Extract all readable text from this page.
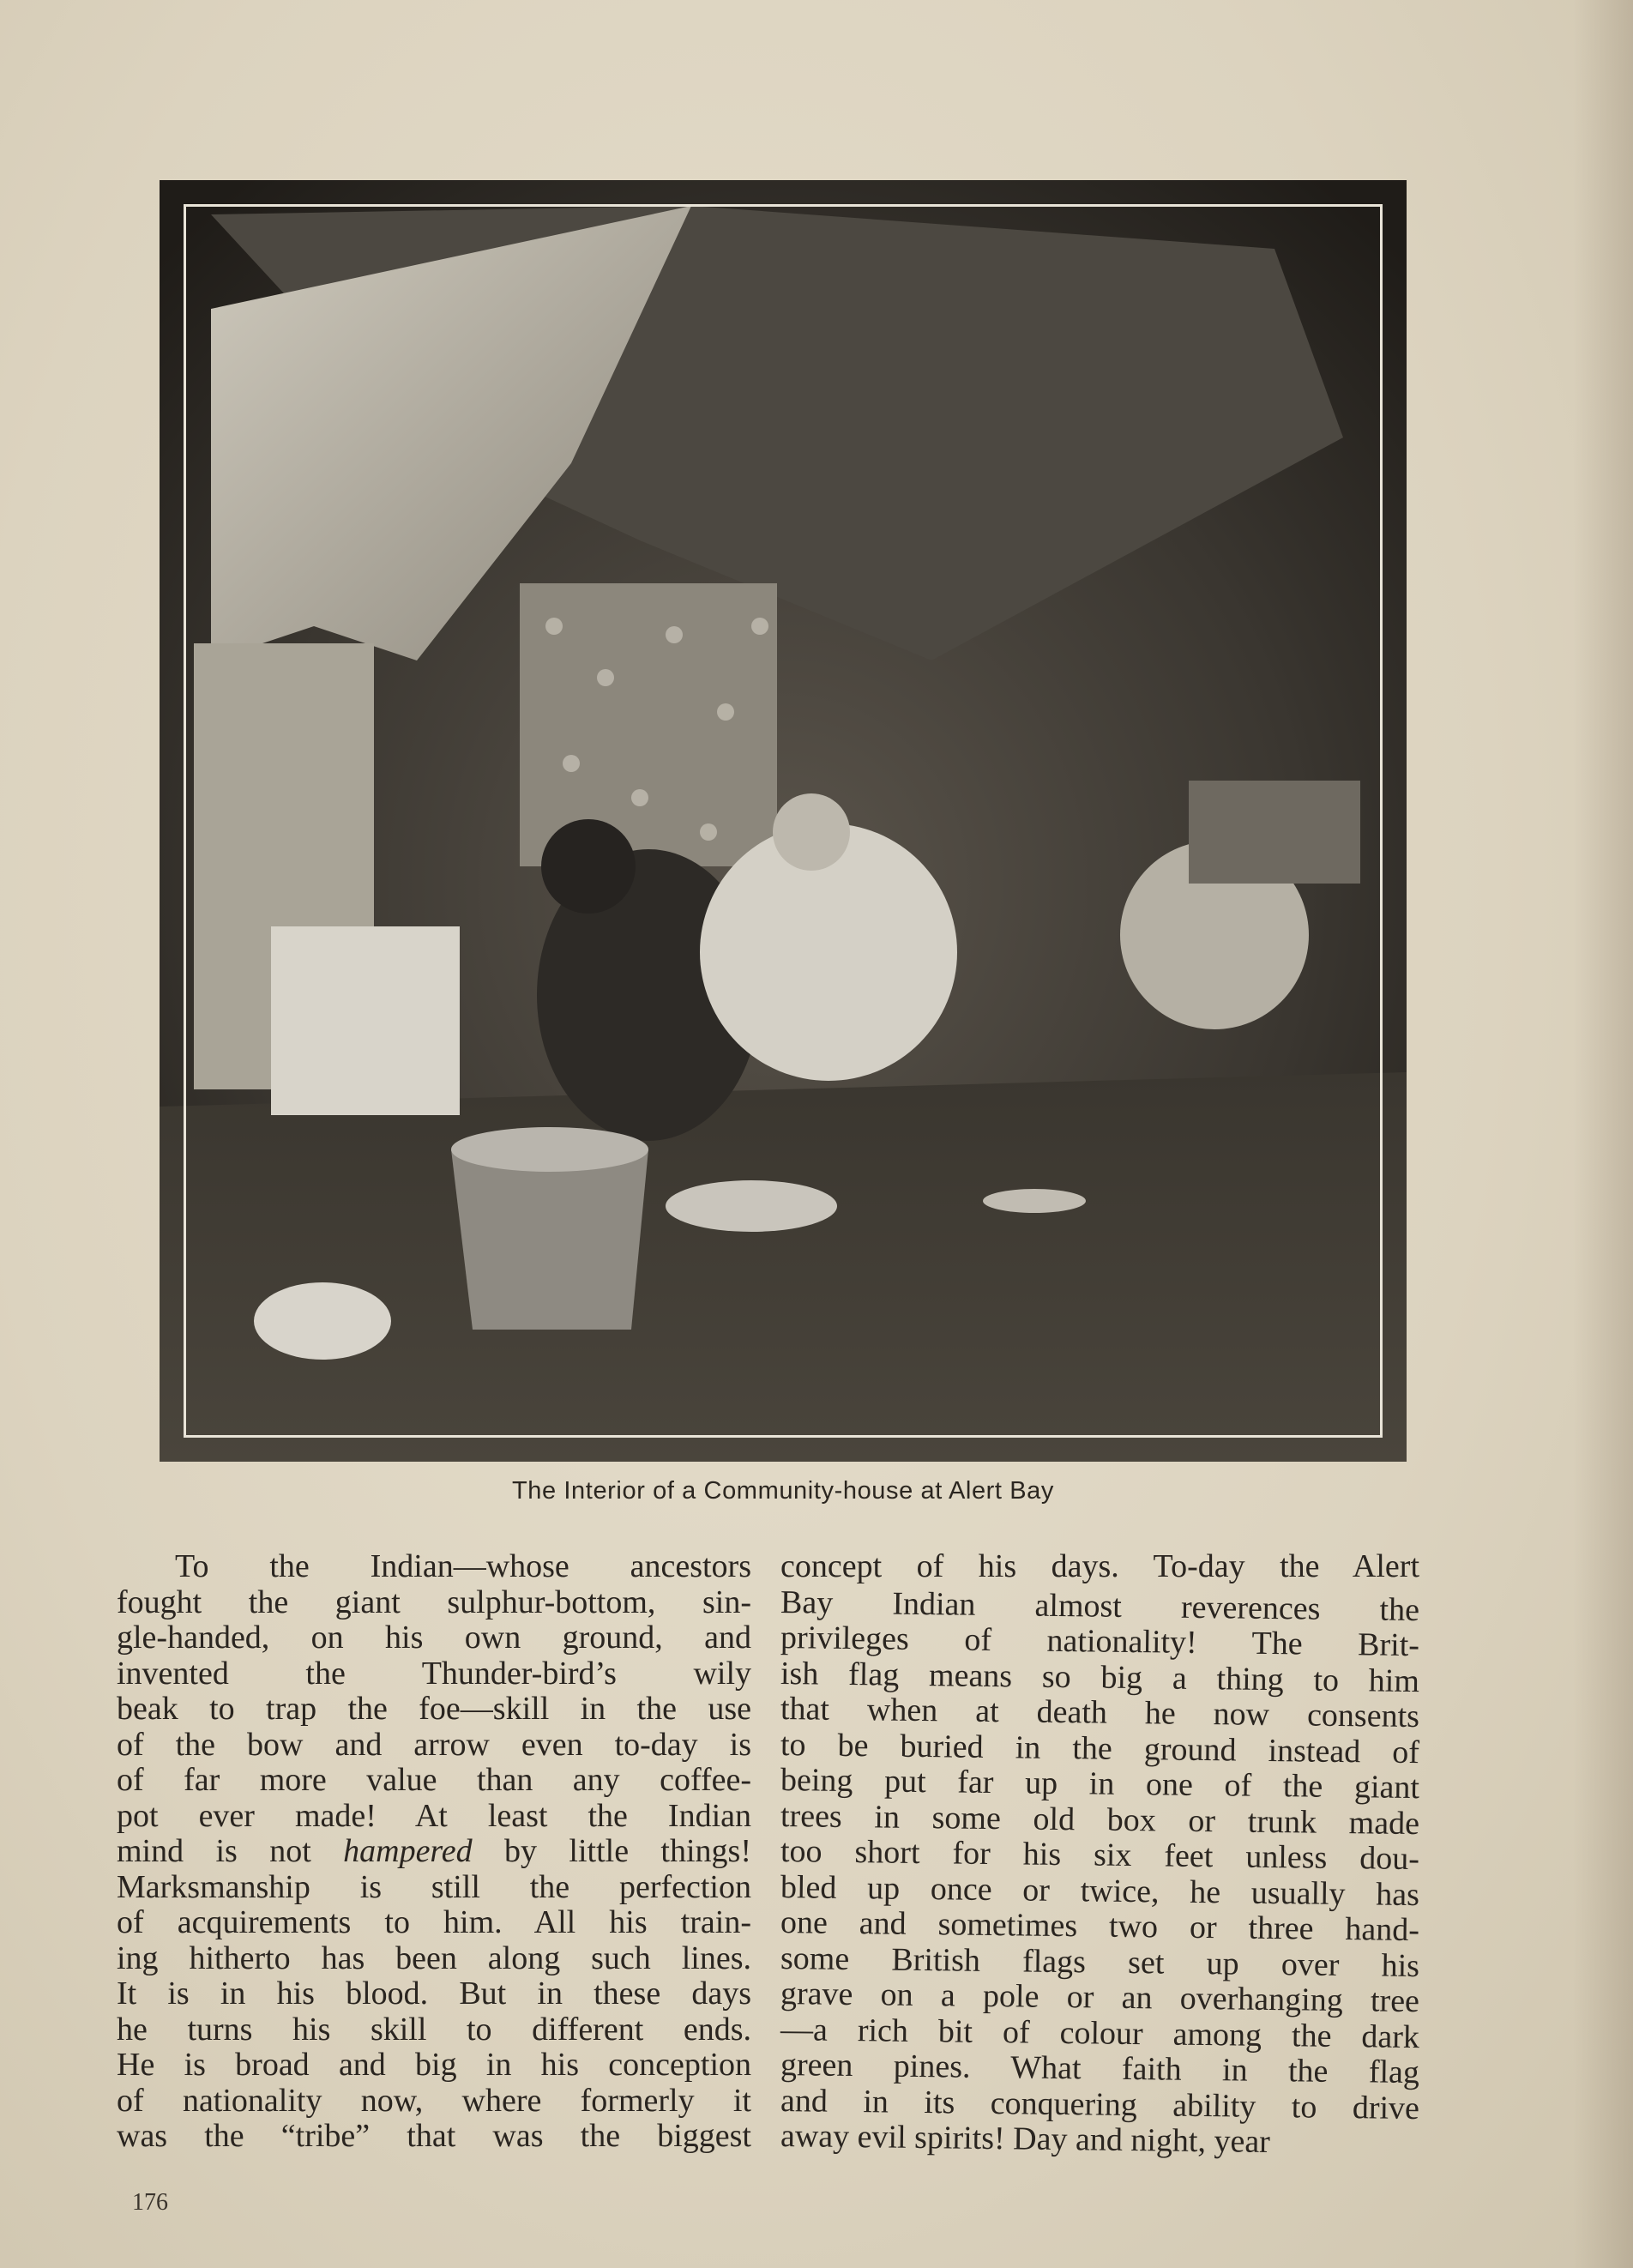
The Interior of a Community-house at Alert Bay
To the Indian—whose ancestors
fought the giant sulphur-bottom, sin-
gle-handed, on his own ground, and
invented the Thunder-bird’s wily
beak to trap the foe—skill in the use
of the bow and arrow even to-day is
of far more value than any coffee-
pot ever made! At least the Indian
mind is not hampered by little things!
Marksmanship is still the perfection
of acquirements to him. All his train-
ing hitherto has been along such lines.
It is in his blood. But in these days
he turns his skill to different ends.
He is broad and big in his conception
of nationality now, where formerly it
was the “tribe” that was the biggest
concept of his days. To-day the Alert
Bay Indian almost reverences the
privileges of nationality! The Brit-
ish flag means so big a thing to him
that when at death he now consents
to be buried in the ground instead of
being put far up in one of the giant
trees in some old box or trunk made
too short for his six feet unless dou-
bled up once or twice, he usually has
one and sometimes two or three hand-
some British flags set up over his
grave on a pole or an overhanging tree
—a rich bit of colour among the dark
green pines. What faith in the flag
and in its conquering ability to drive
away evil spirits! Day and night, year
176
